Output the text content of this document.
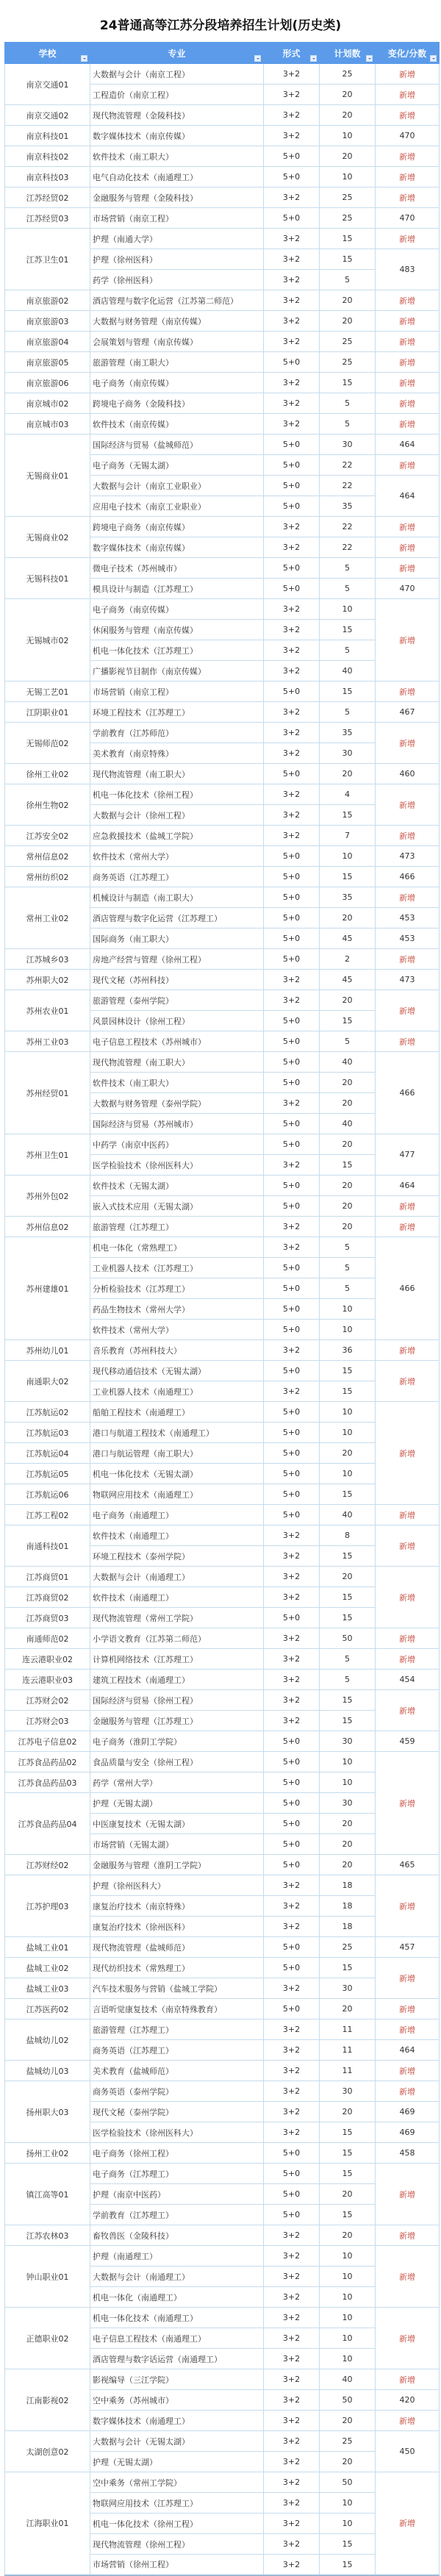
24普通高等江苏分段培养招生计划(历史类)
学校	专业	形式	计划数	变化/分数

南京交通01	大数据与会计（南京工程）	3+2	25	新增
	工程造价（南京工程）	3+2	20	新增
南京交通02	现代物流管理（金陵科技）	3+2	20	新增
南京科技01	数字媒体技术（南京传媒）	3+2	10	470
南京科技02	软件技术（南工职大）	5+0	20	新增
南京科技03	电气自动化技术（南通理工）	5+0	10	新增
江苏经贸02	金融服务与管理（金陵科技）	3+2	25	新增
江苏经贸03	市场营销（南京工程）	5+0	25	470
江苏卫生01	护理（南通大学）	3+2	15	新增
	护理（徐州医科）	3+2	15	483
	药学（徐州医科）	3+2	5	
南京旅游02	酒店管理与数字化运营（江苏第二师范）	3+2	20	新增
南京旅游03	大数据与财务管理（南京传媒）	3+2	20	新增
南京旅游04	会展策划与管理（南京传媒）	3+2	25	新增
南京旅游05	旅游管理（南工职大）	5+0	25	新增
南京旅游06	电子商务（南京传媒）	3+2	15	新增
南京城市02	跨境电子商务（金陵科技）	3+2	5	新增
南京城市03	软件技术（南京传媒）	3+2	5	新增
无锡商业01	国际经济与贸易（盐城师范）	5+0	30	464
	电子商务（无锡太湖）	5+0	22	新增
	大数据与会计（南京工业职业）	5+0	22	464
	应用电子技术（南京工业职业）	5+0	35	
无锡商业02	跨境电子商务（南京传媒）	3+2	22	新增
	数字媒体技术（南京传媒）	3+2	22	新增
无锡科技01	微电子技术（苏州城市）	5+0	5	新增
	模具设计与制造（江苏理工）	5+0	5	470
无锡城市02	电子商务（南京传媒）	3+2	10	新增
	休闲服务与管理（南京传媒）	3+2	15	
	机电一体化技术（江苏理工）	3+2	5	
	广播影视节目制作（南京传媒）	3+2	40	
无锡工艺01	市场营销（南京工程）	5+0	15	新增
江阴职业01	环境工程技术（江苏理工）	3+2	5	467
无锡师范02	学前教育（江苏师范）	3+2	35	新增
	美术教育（南京特殊）	3+2	30	
徐州工业02	现代物流管理（南工职大）	5+0	20	460
徐州生物02	机电一体化技术（徐州工程）	3+2	4	新增
	大数据与会计（徐州工程）	3+2	15	
江苏安全02	应急救援技术（盐城工学院）	3+2	7	新增
常州信息02	软件技术（常州大学）	5+0	10	473
常州纺织02	商务英语（江苏理工）	5+0	15	466
常州工业02	机械设计与制造（南工职大）	5+0	35	新增
	酒店管理与数字化运营（江苏理工）	5+0	20	453
	国际商务（南工职大）	5+0	45	453
江苏城乡03	房地产经营与管理（徐州工程）	5+0	2	新增
苏州职大02	现代文秘（苏州科技）	3+2	45	473
苏州农业01	旅游管理（泰州学院）	3+2	20	新增
	风景园林设计（徐州工程）	5+0	15	
苏州工业03	电子信息工程技术（苏州城市）	5+0	5	新增
苏州经贸01	现代物流管理（南工职大）	5+0	40	466
	软件技术（南工职大）	5+0	20	
	大数据与财务管理（泰州学院）	3+2	20	
	国际经济与贸易（苏州城市）	5+0	40	
苏州卫生01	中药学（南京中医药）	5+0	20	477
	医学检验技术（徐州医科大）	3+2	15	
苏州外包02	软件技术（无锡太湖）	5+0	20	464
	嵌入式技术应用（无锡太湖）	5+0	20	新增
苏州信息02	旅游管理（江苏理工）	3+2	20	新增
苏州建雄01	机电一体化（常熟理工）	3+2	5	466
	工业机器人技术（江苏理工）	5+0	5	
	分析检验技术（江苏理工）	5+0	5	
	药品生物技术（常州大学）	5+0	10	
	软件技术（常州大学）	5+0	10	
苏州幼儿01	音乐教育（苏州科技大）	3+2	36	新增
南通职大02	现代移动通信技术（无锡太湖）	5+0	15	新增
	工业机器人技术（南通理工）	3+2	15	
江苏航运02	船舶工程技术（南通理工）	5+0	10	新增
江苏航运03	港口与航道工程技术（南通理工）	5+0	10	
江苏航运04	港口与航运管理（南工职大）	5+0	20	
江苏航运05	机电一体化技术（无锡太湖）	5+0	10	
江苏航运06	物联网应用技术（南通理工）	5+0	15	
江苏工程02	电子商务（南通理工）	5+0	40	新增
南通科技01	软件技术（南通理工）	3+2	8	新增
	环境工程技术（泰州学院）	3+2	15	
江苏商贸01	大数据与会计（南通理工）	3+2	20	新增
江苏商贸02	软件技术（南通理工）	3+2	15	
江苏商贸03	现代物流管理（常州工学院）	5+0	15	
南通师范02	小学语文教育（江苏第二师范）	3+2	50	新增
连云港职业02	计算机网络技术（江苏理工）	3+2	5	新增
连云港职业03	建筑工程技术（南通理工）	3+2	5	454
江苏财会02	国际经济与贸易（徐州工程）	3+2	15	新增
江苏财会03	金融服务与管理（江苏理工）	3+2	15	
江苏电子信息02	电子商务（淮阴工学院）	5+0	30	459
江苏食品药品02	食品质量与安全（徐州工程）	5+0	10	新增
江苏食品药品03	药学（常州大学）	5+0	10	
江苏食品药品04	护理（无锡太湖）	5+0	30	
	中医康复技术（无锡太湖）	5+0	20	
	市场营销（无锡太湖）	5+0	20	
江苏财经02	金融服务与管理（淮阴工学院）	5+0	20	465
江苏护理03	护理（徐州医科大）	3+2	18	新增
	康复治疗技术（南京特殊）	3+2	18	
	康复治疗技术（徐州医科）	3+2	18	
盐城工业01	现代物流管理（盐城师范）	5+0	25	457
盐城工业02	现代纺织技术（常熟理工）	5+0	15	新增
盐城工业03	汽车技术服务与营销（盐城工学院）	3+2	30	
江苏医药02	言语听觉康复技术（南京特殊教育）	5+0	20	新增
盐城幼儿02	旅游管理（江苏理工）	3+2	11	新增
	商务英语（江苏理工）	3+2	11	464
盐城幼儿03	美术教育（盐城师范）	3+2	11	新增
扬州职大03	商务英语（泰州学院）	3+2	30	新增
	现代文秘（泰州学院）	3+2	20	469
	医学检验技术（徐州医科大）	3+2	15	469
扬州工业02	电子商务（徐州工程）	5+0	15	458
镇江高等01	电子商务（江苏理工）	5+0	15	新增
	护理（南京中医药）	5+0	20	
	学前教育（江苏理工）	5+0	15	
江苏农林03	畜牧兽医（金陵科技）	3+2	20	新增
钟山职业01	护理（南通理工）	3+2	10	新增
	大数据与会计（南通理工）	3+2	10	
	机电一体化（南通理工）	3+2	10	
正德职业02	机电一体化技术（南通理工）	3+2	10	新增
	电子信息工程技术（南通理工）	3+2	10	
	酒店管理与数字话运营（南通理工）	3+2	10	
江南影视02	影视编导（三江学院）	3+2	40	新增
	空中乘务（苏州城市）	3+2	50	420
	数字媒体技术（南通理工）	3+2	20	新增
太湖创意02	大数据与会计（无锡太湖）	3+2	25	450
	护理（无锡太湖）	3+2	20	
江海职业01	空中乘务（常州工学院）	3+2	50	新增
	物联网应用技术（江苏理工）	3+2	10	
	机电一体化技术（徐州工程）	3+2	10	
	现代物流管理（徐州工程）	3+2	15	
	市场营销（徐州工程）	3+2	15	
